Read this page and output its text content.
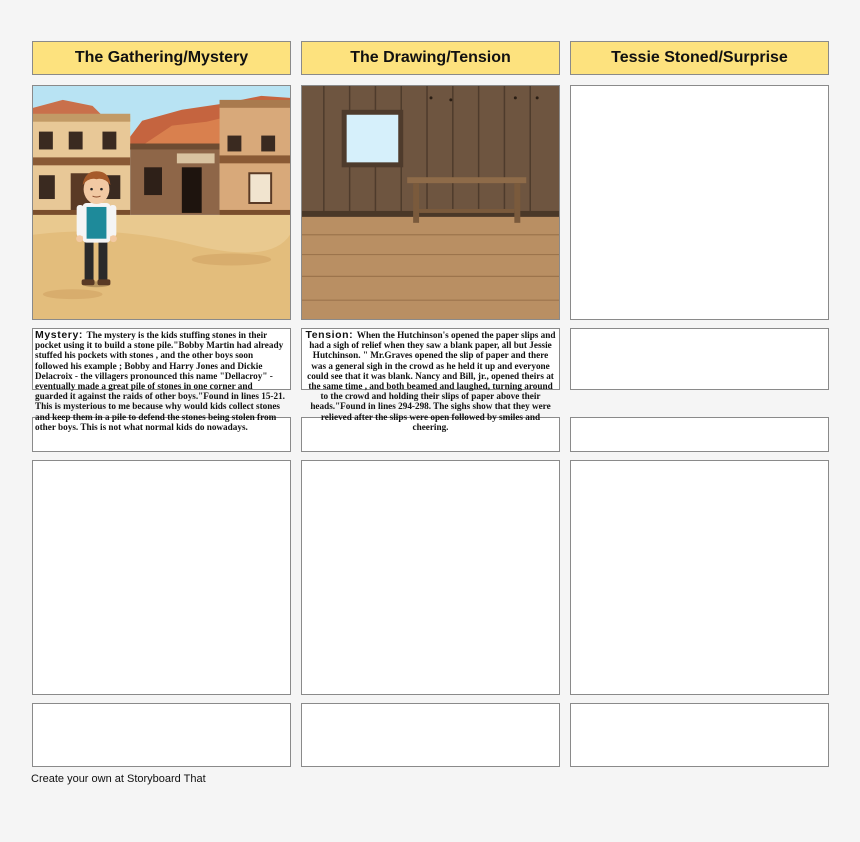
The Gathering/Mystery	The Drawing/Tension	Tessie Stoned/Surprise
Mystery: The mystery is the kids stuffing stones in their pocket using it to build a stone pile."Bobby Martin had already stuffed his pockets with stones , and the other boys soon followed his example ; Bobby and Harry Jones and Dickie Delacroix - the villagers pronounced this name "Dellacroy" -eventually made a great pile of stones in one corner and guarded it against the raids of other boys."Found in lines 15-21. This is mysterious to me because why would kids collect stones and keep them in a pile to defend the stones being stolen from other boys. This is not what normal kids do nowadays.
Tension: When the Hutchinson's opened the paper slips and had a sigh of relief when they saw a blank paper, all but Jessie Hutchinson. " Mr.Graves opened the slip of paper and there was a general sigh in the crowd as he held it up and everyone could see that it was blank. Nancy and Bill, jr., opened theirs at the same time , and both beamed and laughed, turning around to the crowd and holding their slips of paper above their heads."Found in lines 294-298. The sighs show that they were relieved after the slips were open followed by smiles and cheering.
Create your own at Storyboard That
